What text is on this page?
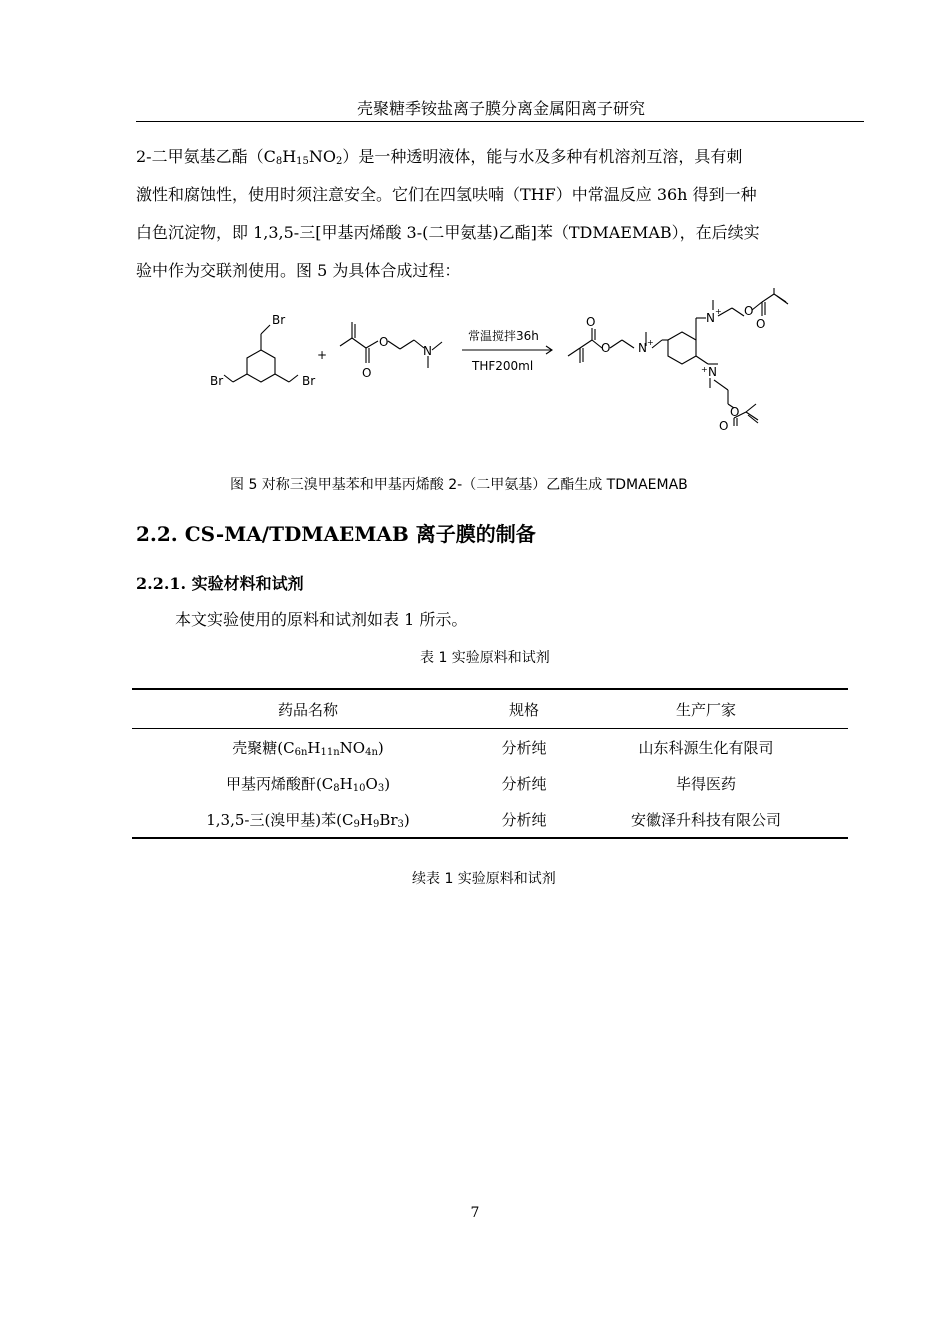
壳聚糖季铵盐离子膜分离金属阳离子研究
2-二甲氨基乙酯$(C_8H_{15}NO_2)$是一种透明液体，能与水及多种有机溶剂互溶，具有刺
激性和腐蚀性，使用时须注意安全。它们在四氢呋喃（THF）中常温反应 36h 得到一种
白色沉淀物，即 1,3,5-三[甲基丙烯酸 3-(二甲氨基)乙酯]苯（TDMAEMAB），在后续实
验中作为交联剂使用。图 5 为具体合成过程：
Br
Br	Br
+
O
O
N
常温搅拌36h
THF200ml
O
O N +
N +
N
+
O
O
O
O
图 5 对称三溴甲基苯和甲基丙烯酸 2-（二甲氨基）乙酯生成 TDMAEMAB
2.2. CS-MA/TDMAEMAB 离子膜的制备
2.2.1. 实验材料和试剂
本文实验使用的原料和试剂如表 1 所示。
表 1 实验原料和试剂
药品名称	规格	生产厂家
壳聚糖$(C_{6n}H_{11n}NO_{4n})$	分析纯	山东科源生化有限司
甲基丙烯酸酐$(C_8H_{10}O_3)$	分析纯	毕得医药
1,3,5-三(溴甲基)苯$(C_9H_9Br_3)$	分析纯	安徽泽升科技有限公司
续表 1 实验原料和试剂
7
